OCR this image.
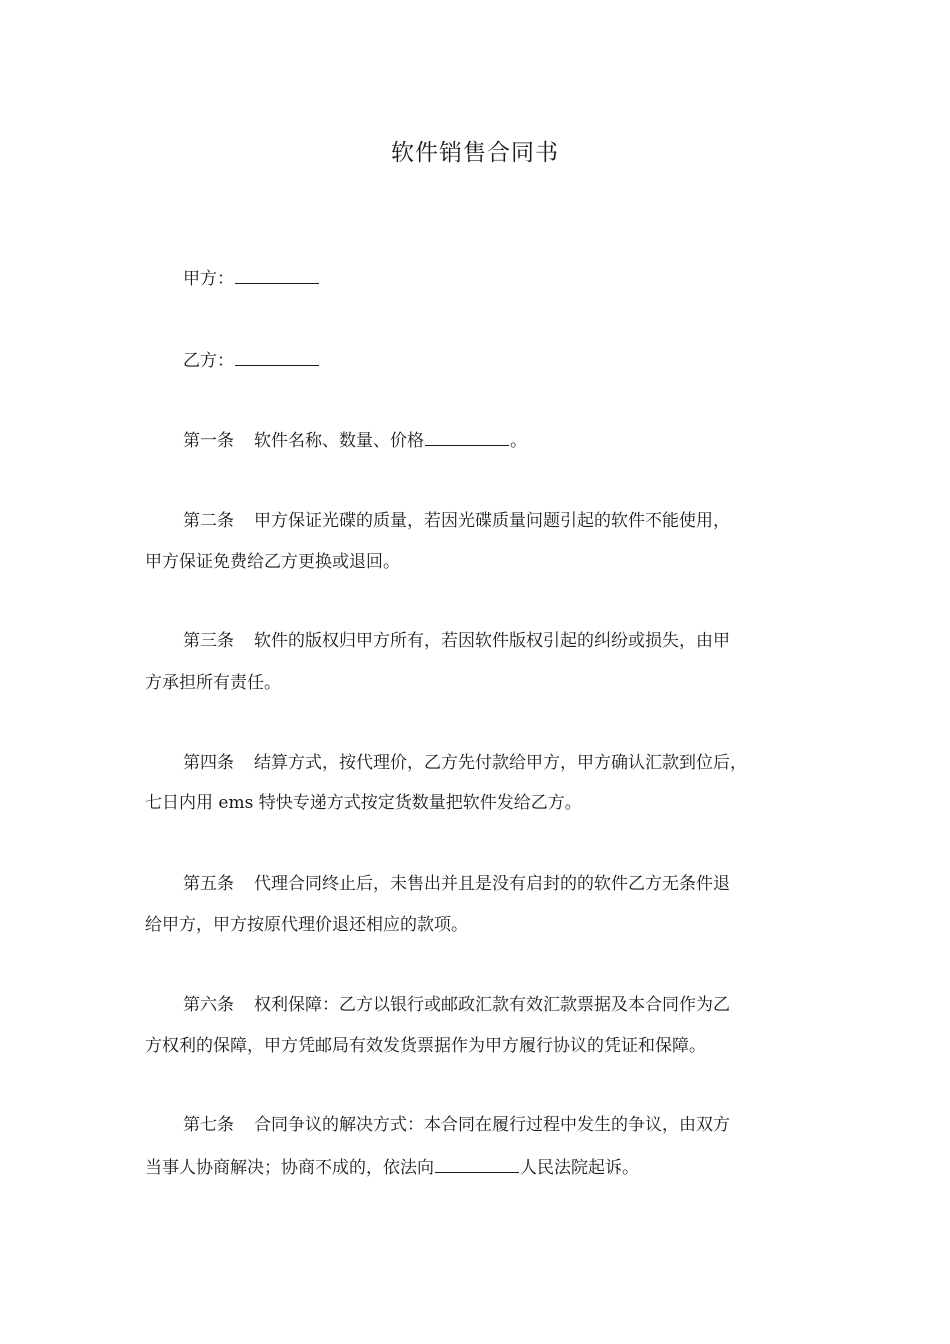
软件销售合同书
甲方：
乙方：
第一条 软件名称、数量、价格	。
第二条 甲方保证光碟的质量，若因光碟质量问题引起的软件不能使用，
甲方保证免费给乙方更换或退回。
第三条 软件的版权归甲方所有，若因软件版权引起的纠纷或损失，由甲
方承担所有责任。
第四条 结算方式，按代理价，乙方先付款给甲方，甲方确认汇款到位后，
七日内用 ems 特快专递方式按定货数量把软件发给乙方。
第五条 代理合同终止后，未售出并且是没有启封的的软件乙方无条件退
给甲方，甲方按原代理价退还相应的款项。
第六条 权利保障：乙方以银行或邮政汇款有效汇款票据及本合同作为乙
方权利的保障，甲方凭邮局有效发货票据作为甲方履行协议的凭证和保障。
第七条 合同争议的解决方式：本合同在履行过程中发生的争议，由双方
当事人协商解决；协商不成的，依法向	人民法院起诉。
